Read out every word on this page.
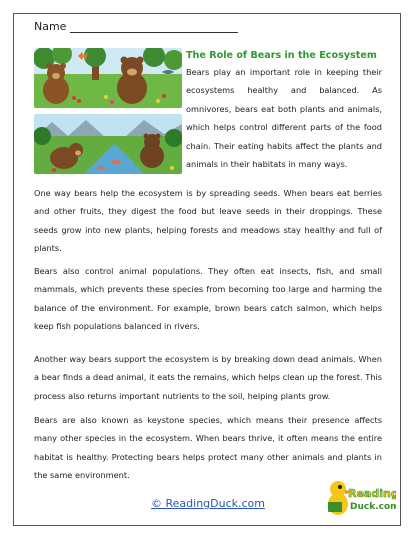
Name
The Role of Bears in the Ecosystem
Bears play an important role in keeping their ecosystems healthy and balanced. As omnivores, bears eat both plants and animals, which helps control different parts of the food chain. Their eating habits affect the plants and animals in their habitats in many ways.

One way bears help the ecosystem is by spreading seeds. When bears eat berries and other fruits, they digest the food but leave seeds in their droppings. These seeds grow into new plants, helping forests and meadows stay healthy and full of plants.

Bears also control animal populations. They often eat insects, fish, and small mammals, which prevents these species from becoming too large and harming the balance of the environment. For example, brown bears catch salmon, which helps keep fish populations balanced in rivers.

Another way bears support the ecosystem is by breaking down dead animals. When a bear finds a dead animal, it eats the remains, which helps clean up the forest. This process also returns important nutrients to the soil, helping plants grow.

Bears are also known as keystone species, which means their presence affects many other species in the ecosystem. When bears thrive, it often means the entire habitat is healthy. Protecting bears helps protect many other animals and plants in the same environment.

© ReadingDuck.com
Reading
Duck.com
